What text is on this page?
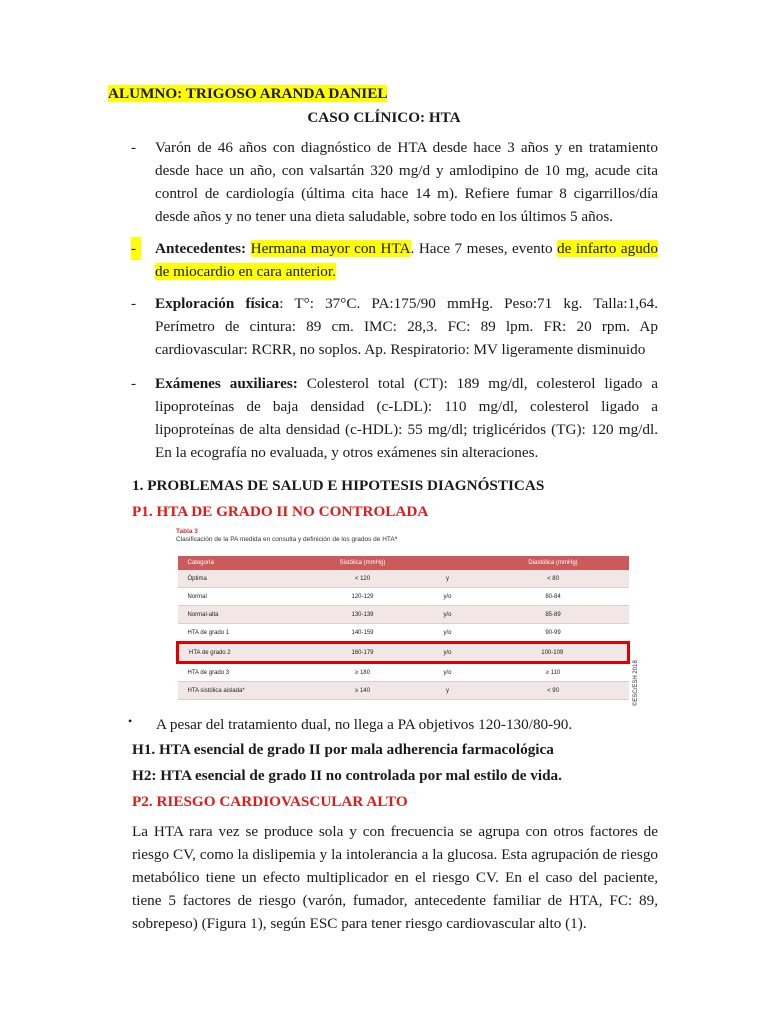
ALUMNO: TRIGOSO ARANDA DANIEL
CASO CLÍNICO: HTA
- Varón de 46 años con diagnóstico de HTA desde hace 3 años y en tratamiento desde hace un año, con valsartán 320 mg/d y amlodipino de 10 mg, acude cita control de cardiología (última cita hace 14 m). Refiere fumar 8 cigarrillos/día desde años y no tener una dieta saludable, sobre todo en los últimos 5 años.
-	Antecedentes: Hermana mayor con HTA. Hace 7 meses, evento de infarto agudo de miocardio en cara anterior.
- Exploración física: T°: 37°C. PA:175/90 mmHg. Peso:71 kg. Talla:1,64. Perímetro de cintura: 89 cm. IMC: 28,3. FC: 89 lpm. FR: 20 rpm. Ap cardiovascular: RCRR, no soplos. Ap. Respiratorio: MV ligeramente disminuido
- Exámenes auxiliares: Colesterol total (CT): 189 mg/dl, colesterol ligado a lipoproteínas de baja densidad (c-LDL): 110 mg/dl, colesterol ligado a lipoproteínas de alta densidad (c-HDL): 55 mg/dl; triglicéridos (TG): 120 mg/dl. En la ecografía no evaluada, y otros exámenes sin alteraciones.
1. PROBLEMAS DE SALUD E HIPOTESIS DIAGNÓSTICAS
P1. HTA DE GRADO II NO CONTROLADA
Tabla 3
Clasificación de la PA medida en consulta y definición de los grados de HTAª
Categoría	Sistólica (mmHg)		Diastólica (mmHg)
Óptima	< 120	y	< 80
Normal	120-129	y/o	80-84
Normal-alta	130-139	y/o	85-89
HTA de grado 1	140-159	y/o	90-99
HTA de grado 2	160-179	y/o	100-109
HTA de grado 3	≥ 180	y/o	≥ 110
HTA sistólica aislada*	≥ 140	y	< 90	©ESC/ESH 2018
• A pesar del tratamiento dual, no llega a PA objetivos 120-130/80-90.
H1. HTA esencial de grado II por mala adherencia farmacológica
H2: HTA esencial de grado II no controlada por mal estilo de vida.
P2. RIESGO CARDIOVASCULAR ALTO
La HTA rara vez se produce sola y con frecuencia se agrupa con otros factores de riesgo CV, como la dislipemia y la intolerancia a la glucosa. Esta agrupación de riesgo metabólico tiene un efecto multiplicador en el riesgo CV. En el caso del paciente, tiene 5 factores de riesgo (varón, fumador, antecedente familiar de HTA, FC: 89, sobrepeso) (Figura 1), según ESC para tener riesgo cardiovascular alto (1).
